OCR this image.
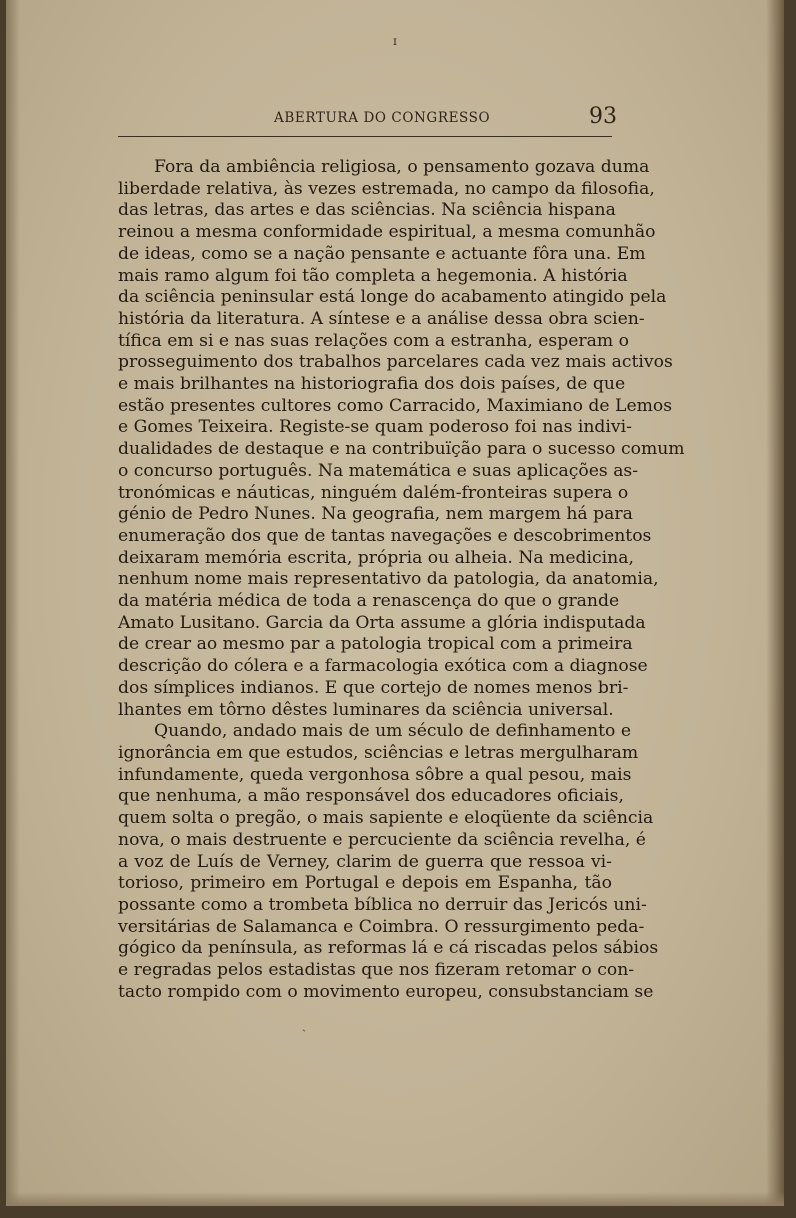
ɪ
ABERTURA DO CONGRESSO	93
Fora da ambiência religiosa, o pensamento gozava duma
liberdade relativa, às vezes estremada, no campo da filosofia,
das letras, das artes e das sciências. Na sciência hispana
reinou a mesma conformidade espiritual, a mesma comunhão
de ideas, como se a nação pensante e actuante fôra una. Em
mais ramo algum foi tão completa a hegemonia. A história
da sciência peninsular está longe do acabamento atingido pela
história da literatura. A síntese e a análise dessa obra scien-
tífica em si e nas suas relações com a estranha, esperam o
prosseguimento dos trabalhos parcelares cada vez mais activos
e mais brilhantes na historiografia dos dois países, de que
estão presentes cultores como Carracido, Maximiano de Lemos
e Gomes Teixeira. Registe-se quam poderoso foi nas indivi-
dualidades de destaque e na contribuïção para o sucesso comum
o concurso português. Na matemática e suas aplicações as-
tronómicas e náuticas, ninguém dalém-fronteiras supera o
génio de Pedro Nunes. Na geografia, nem margem há para
enumeração dos que de tantas navegações e descobrimentos
deixaram memória escrita, própria ou alheia. Na medicina,
nenhum nome mais representativo da patologia, da anatomia,
da matéria médica de toda a renascença do que o grande
Amato Lusitano. Garcia da Orta assume a glória indisputada
de crear ao mesmo par a patologia tropical com a primeira
descrição do cólera e a farmacologia exótica com a diagnose
dos símplices indianos. E que cortejo de nomes menos bri-
lhantes em tôrno dêstes luminares da sciência universal.
Quando, andado mais de um século de definhamento e
ignorância em que estudos, sciências e letras mergulharam
infundamente, queda vergonhosa sôbre a qual pesou, mais
que nenhuma, a mão responsável dos educadores oficiais,
quem solta o pregão, o mais sapiente e eloqüente da sciência
nova, o mais destruente e percuciente da sciência revelha, é
a voz de Luís de Verney, clarim de guerra que ressoa vi-
torioso, primeiro em Portugal e depois em Espanha, tão
possante como a trombeta bíblica no derruir das Jericós uni-
versitárias de Salamanca e Coimbra. O ressurgimento peda-
gógico da península, as reformas lá e cá riscadas pelos sábios
e regradas pelos estadistas que nos fizeram retomar o con-
tacto rompido com o movimento europeu, consubstanciam se
ˎ
